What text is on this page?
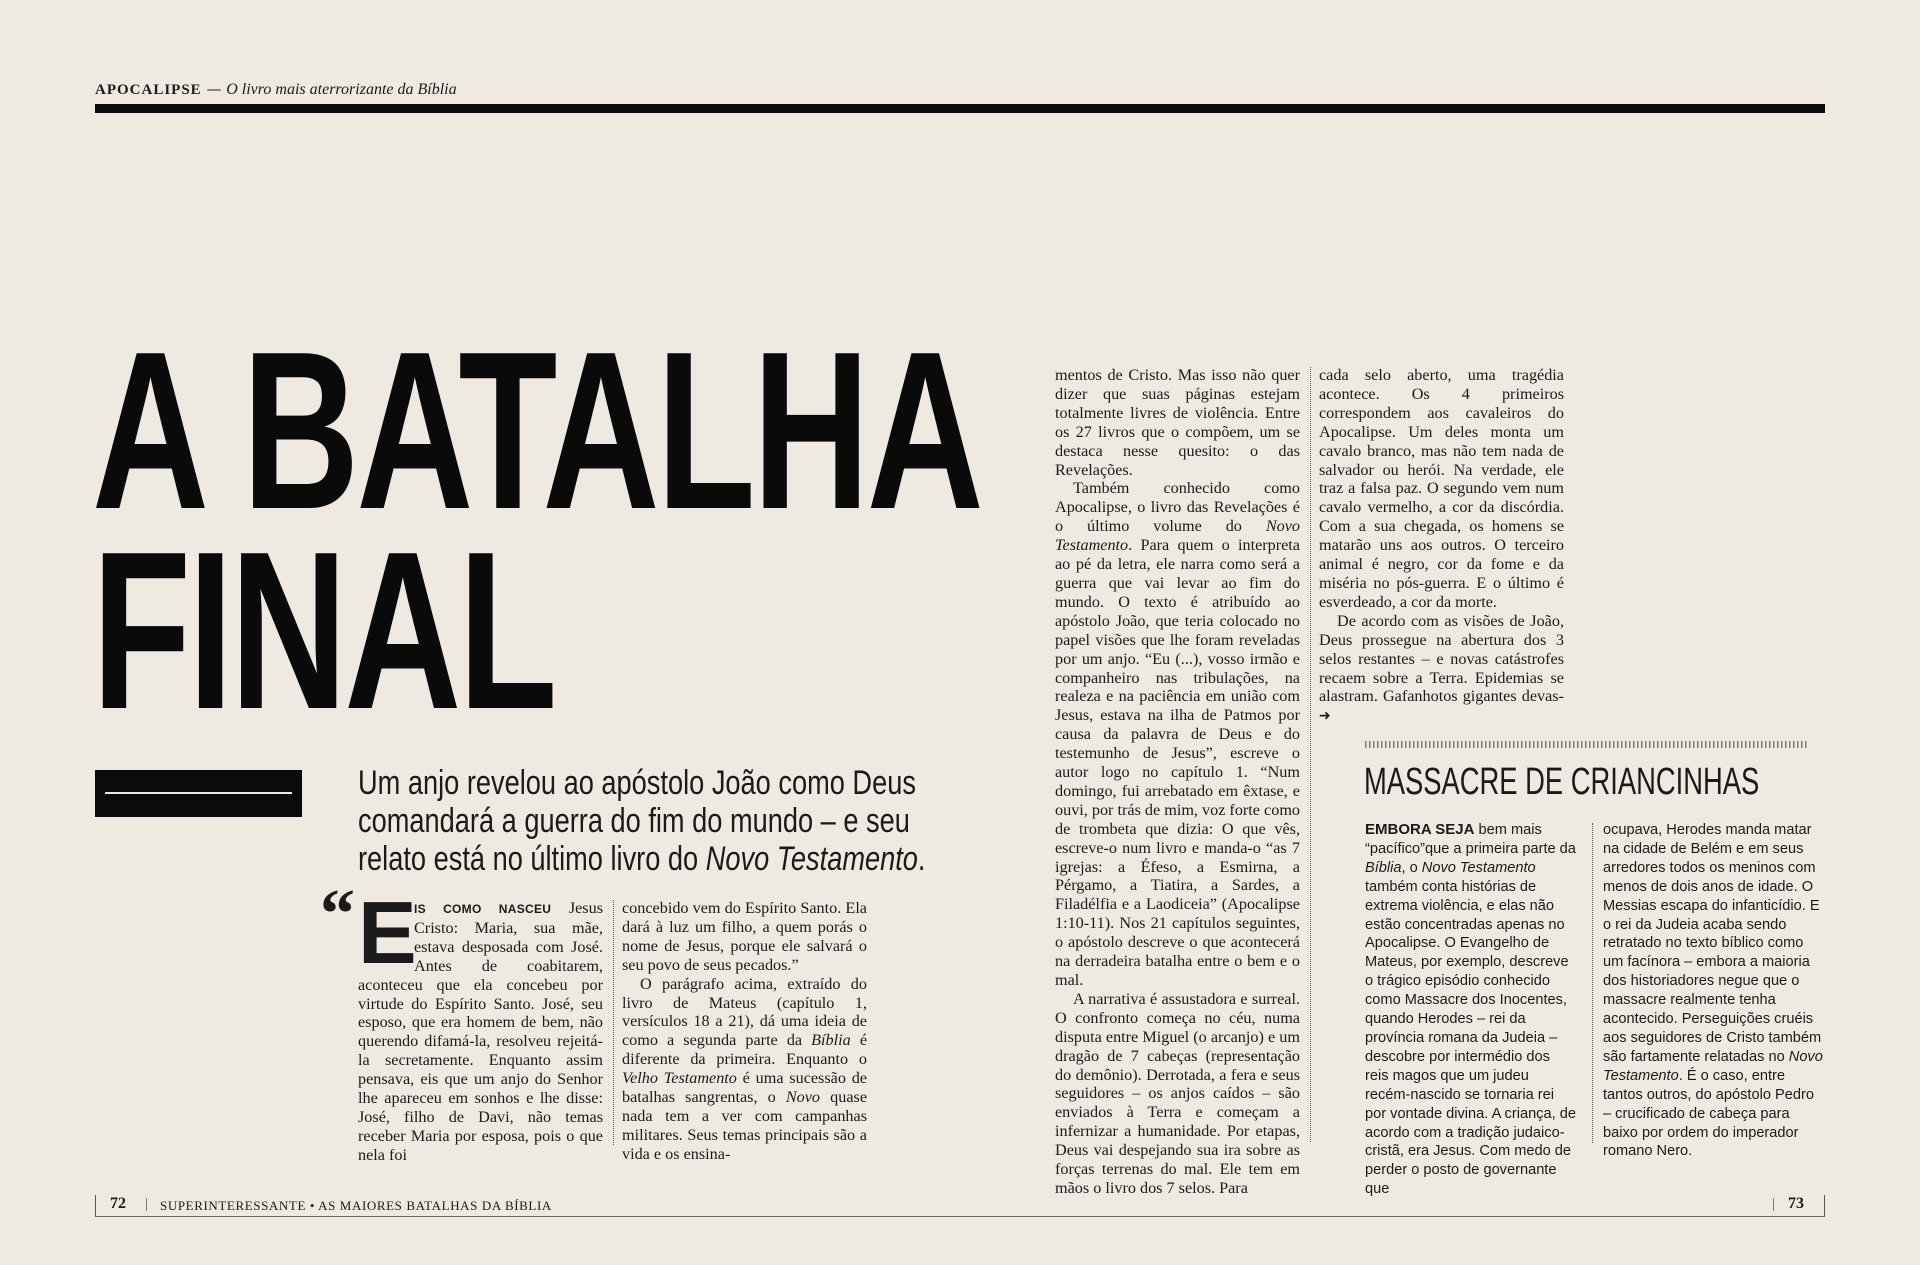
APOCALIPSE — O livro mais aterrorizante da Bíblia
A BATALHA
FINAL

Um anjo revelou ao apóstolo João como Deus

comandará a guerra do fim do mundo – e seu

relato está no último livro do Novo Testamento.

“ E

IS COMO NASCEU Jesus Cristo: Maria, sua mãe, estava desposada com José. Antes de coabitarem, aconteceu que ela concebeu por virtude do Espírito Santo. José, seu esposo, que era homem de bem, não querendo difamá-la, resolveu rejeitá-la secretamente. Enquanto assim pensava, eis que um anjo do Senhor lhe apareceu em sonhos e lhe disse: José, filho de Davi, não temas receber Maria por esposa, pois o que nela foi

concebido vem do Espírito Santo. Ela dará à luz um filho, a quem porás o nome de Jesus, porque ele salvará o seu povo de seus pecados.”

O parágrafo acima, extraído do livro de Mateus (capítulo 1, versículos 18 a 21), dá uma ideia de como a segunda parte da Bíblia é diferente da primeira. Enquanto o Velho Testamento é uma sucessão de batalhas sangrentas, o Novo quase nada tem a ver com campanhas militares. Seus temas principais são a vida e os ensina-

mentos de Cristo. Mas isso não quer dizer que suas páginas estejam totalmente livres de violência. Entre os 27 livros que o compõem, um se destaca nesse quesito: o das Revelações.

Também conhecido como Apocalipse, o livro das Revelações é o último volume do Novo Testamento. Para quem o interpreta ao pé da letra, ele narra como será a guerra que vai levar ao fim do mundo. O texto é atribuído ao apóstolo João, que teria colocado no papel visões que lhe foram reveladas por um anjo. “Eu (...), vosso irmão e companheiro nas tribulações, na realeza e na paciência em união com Jesus, estava na ilha de Patmos por causa da palavra de Deus e do testemunho de Jesus”, escreve o autor logo no capítulo 1. “Num domingo, fui arrebatado em êxtase, e ouvi, por trás de mim, voz forte como de trombeta que dizia: O que vês, escreve-o num livro e manda-o “as 7 igrejas: a Éfeso, a Esmirna, a Pérgamo, a Tiatira, a Sardes, a Filadélfia e a Laodiceia” (Apocalipse 1:10-11). Nos 21 capítulos seguintes, o apóstolo descreve o que acontecerá na derradeira batalha entre o bem e o mal.

A narrativa é assustadora e surreal. O confronto começa no céu, numa disputa entre Miguel (o arcanjo) e um dragão de 7 cabeças (representação do demônio). Derrotada, a fera e seus seguidores – os anjos caídos – são enviados à Terra e começam a infernizar a humanidade. Por etapas, Deus vai despejando sua ira sobre as forças terrenas do mal. Ele tem em mãos o livro dos 7 selos. Para

cada selo aberto, uma tragédia acontece. Os 4 primeiros correspondem aos cavaleiros do Apocalipse. Um deles monta um cavalo branco, mas não tem nada de salvador ou herói. Na verdade, ele traz a falsa paz. O segundo vem num cavalo vermelho, a cor da discórdia. Com a sua chegada, os homens se matarão uns aos outros. O terceiro animal é negro, cor da fome e da miséria no pós-guerra. E o último é esverdeado, a cor da morte.

De acordo com as visões de João, Deus prossegue na abertura dos 3 selos restantes – e novas catástrofes recaem sobre a Terra. Epidemias se alastram. Gafanhotos gigantes devas- ➜

MASSACRE DE CRIANCINHAS

EMBORA SEJA bem mais “pacífico”que a primeira parte da Bíblia, o Novo Testamento também conta histórias de extrema violência, e elas não estão concentradas apenas no Apocalipse. O Evangelho de Mateus, por exemplo, descreve o trágico episódio conhecido como Massacre dos Inocentes, quando Herodes – rei da província romana da Judeia – descobre por intermédio dos reis magos que um judeu recém-nascido se tornaria rei por vontade divina. A criança, de acordo com a tradição judaico-cristã, era Jesus. Com medo de perder o posto de governante que

ocupava, Herodes manda matar na cidade de Belém e em seus arredores todos os meninos com menos de dois anos de idade. O Messias escapa do infanticídio. E o rei da Judeia acaba sendo retratado no texto bíblico como um facínora – embora a maioria dos historiadores negue que o massacre realmente tenha acontecido. Perseguições cruéis aos seguidores de Cristo também são fartamente relatadas no Novo Testamento. É o caso, entre tantos outros, do apóstolo Pedro – crucificado de cabeça para baixo por ordem do imperador romano Nero.

72 | SUPERINTERESSANTE • AS MAIORES BATALHAS DA BÍBLIA	| 73
